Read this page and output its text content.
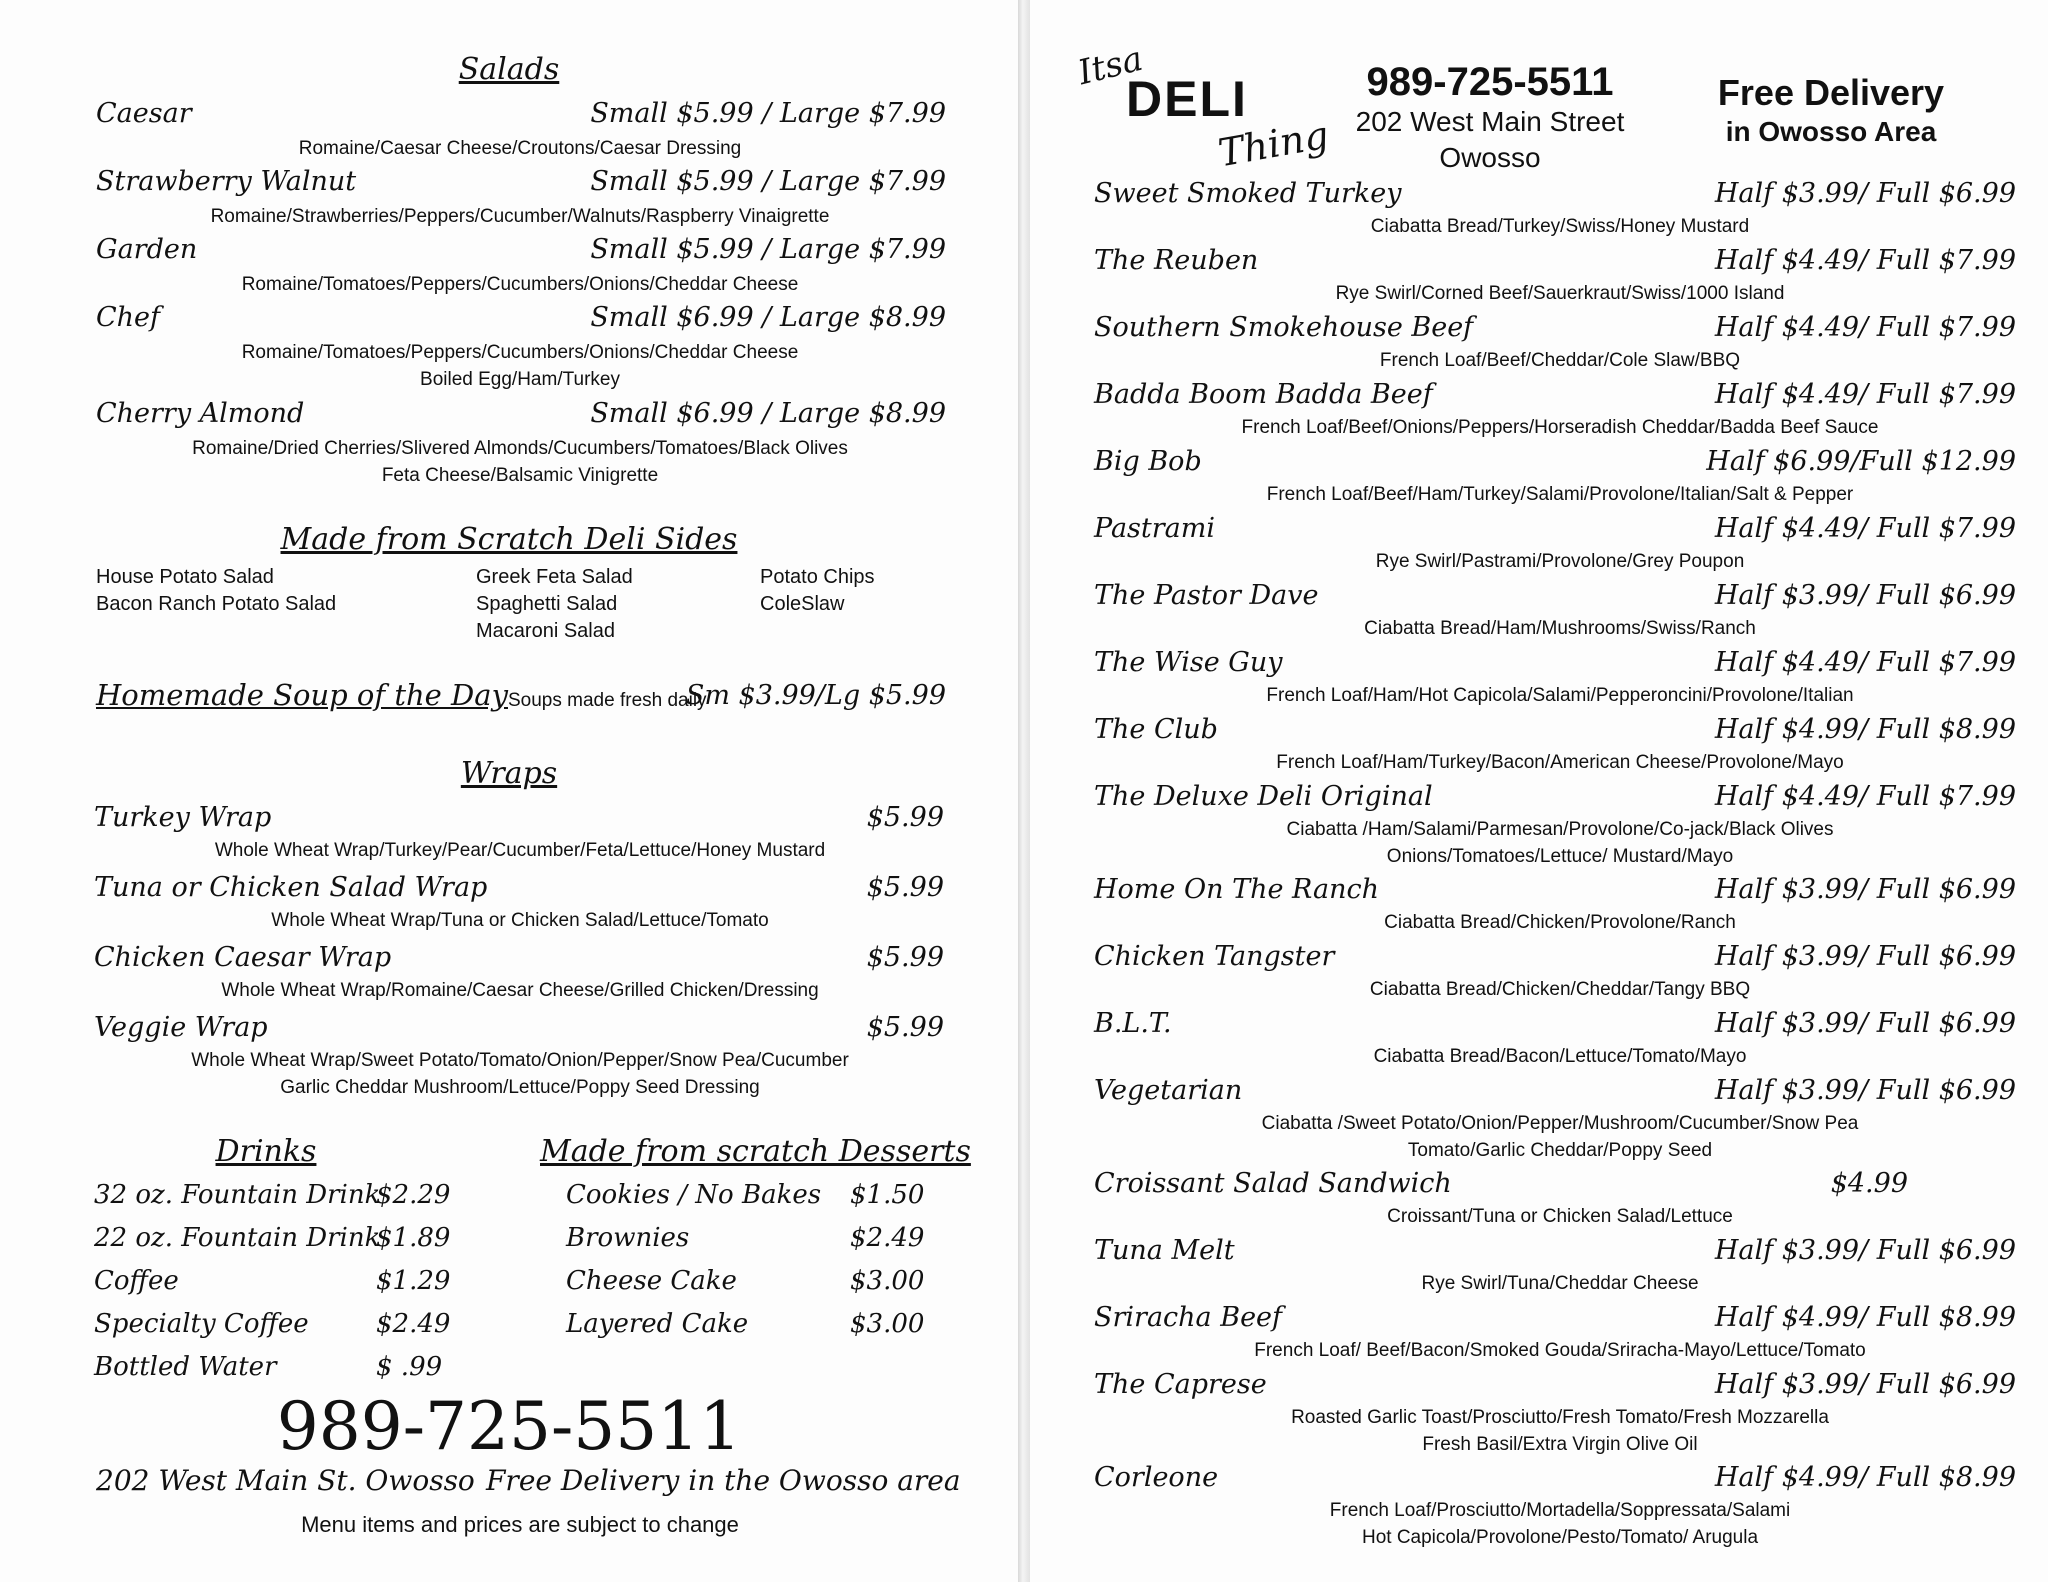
Salads
Caesar	Small $5.99 / Large $7.99
Romaine/Caesar Cheese/Croutons/Caesar Dressing
Strawberry Walnut	Small $5.99 / Large $7.99
Romaine/Strawberries/Peppers/Cucumber/Walnuts/Raspberry Vinaigrette
Garden	Small $5.99 / Large $7.99
Romaine/Tomatoes/Peppers/Cucumbers/Onions/Cheddar Cheese
Chef	Small $6.99 / Large $8.99
Romaine/Tomatoes/Peppers/Cucumbers/Onions/Cheddar Cheese
Boiled Egg/Ham/Turkey
Cherry Almond	Small $6.99 / Large $8.99
Romaine/Dried Cherries/Slivered Almonds/Cucumbers/Tomatoes/Black Olives
Feta Cheese/Balsamic Vinigrette
Made from Scratch Deli Sides
House Potato Salad
Bacon Ranch Potato Salad
Greek Feta Salad
Spaghetti Salad
Macaroni Salad
Potato Chips
ColeSlaw
Homemade Soup of the Day Soups made fresh daily
Sm $3.99/Lg $5.99
Wraps
Turkey Wrap	$5.99
Whole Wheat Wrap/Turkey/Pear/Cucumber/Feta/Lettuce/Honey Mustard
Tuna or Chicken Salad Wrap	$5.99
Whole Wheat Wrap/Tuna or Chicken Salad/Lettuce/Tomato
Chicken Caesar Wrap	$5.99
Whole Wheat Wrap/Romaine/Caesar Cheese/Grilled Chicken/Dressing
Veggie Wrap	$5.99
Whole Wheat Wrap/Sweet Potato/Tomato/Onion/Pepper/Snow Pea/Cucumber
Garlic Cheddar Mushroom/Lettuce/Poppy Seed Dressing
Drinks
32 oz. Fountain Drink
$2.29
22 oz. Fountain Drink
$1.89
Coffee	$1.29
Specialty Coffee	$2.49
Bottled Water	$ .99
Made from scratch Desserts
Cookies / No Bakes $1.50
Brownies	$2.49
Cheese Cake	$3.00
Layered Cake	$3.00
989-725-5511
202 West Main St. Owosso Free Delivery in the Owosso area
Menu items and prices are subject to change
Itsa
DELI
Thing
989-725-5511
202 West Main Street
Owosso
Free Delivery
in Owosso Area
Sweet Smoked Turkey	Half $3.99/ Full $6.99
Ciabatta Bread/Turkey/Swiss/Honey Mustard
The Reuben	Half $4.49/ Full $7.99
Rye Swirl/Corned Beef/Sauerkraut/Swiss/1000 Island
Southern Smokehouse Beef	Half $4.49/ Full $7.99
French Loaf/Beef/Cheddar/Cole Slaw/BBQ
Badda Boom Badda Beef	Half $4.49/ Full $7.99
French Loaf/Beef/Onions/Peppers/Horseradish Cheddar/Badda Beef Sauce
Big Bob	Half $6.99/Full $12.99
French Loaf/Beef/Ham/Turkey/Salami/Provolone/Italian/Salt & Pepper
Pastrami	Half $4.49/ Full $7.99
Rye Swirl/Pastrami/Provolone/Grey Poupon
The Pastor Dave	Half $3.99/ Full $6.99
Ciabatta Bread/Ham/Mushrooms/Swiss/Ranch
The Wise Guy	Half $4.49/ Full $7.99
French Loaf/Ham/Hot Capicola/Salami/Pepperoncini/Provolone/Italian
The Club	Half $4.99/ Full $8.99
French Loaf/Ham/Turkey/Bacon/American Cheese/Provolone/Mayo
The Deluxe Deli Original	Half $4.49/ Full $7.99
Ciabatta /Ham/Salami/Parmesan/Provolone/Co-jack/Black Olives
Onions/Tomatoes/Lettuce/ Mustard/Mayo
Home On The Ranch	Half $3.99/ Full $6.99
Ciabatta Bread/Chicken/Provolone/Ranch
Chicken Tangster	Half $3.99/ Full $6.99
Ciabatta Bread/Chicken/Cheddar/Tangy BBQ
B.L.T.	Half $3.99/ Full $6.99
Ciabatta Bread/Bacon/Lettuce/Tomato/Mayo
Vegetarian	Half $3.99/ Full $6.99
Ciabatta /Sweet Potato/Onion/Pepper/Mushroom/Cucumber/Snow Pea
Tomato/Garlic Cheddar/Poppy Seed
Croissant Salad Sandwich	$4.99
Croissant/Tuna or Chicken Salad/Lettuce
Tuna Melt	Half $3.99/ Full $6.99
Rye Swirl/Tuna/Cheddar Cheese
Sriracha Beef	Half $4.99/ Full $8.99
French Loaf/ Beef/Bacon/Smoked Gouda/Sriracha-Mayo/Lettuce/Tomato
The Caprese	Half $3.99/ Full $6.99
Roasted Garlic Toast/Prosciutto/Fresh Tomato/Fresh Mozzarella
Fresh Basil/Extra Virgin Olive Oil
Corleone	Half $4.99/ Full $8.99
French Loaf/Prosciutto/Mortadella/Soppressata/Salami
Hot Capicola/Provolone/Pesto/Tomato/ Arugula
